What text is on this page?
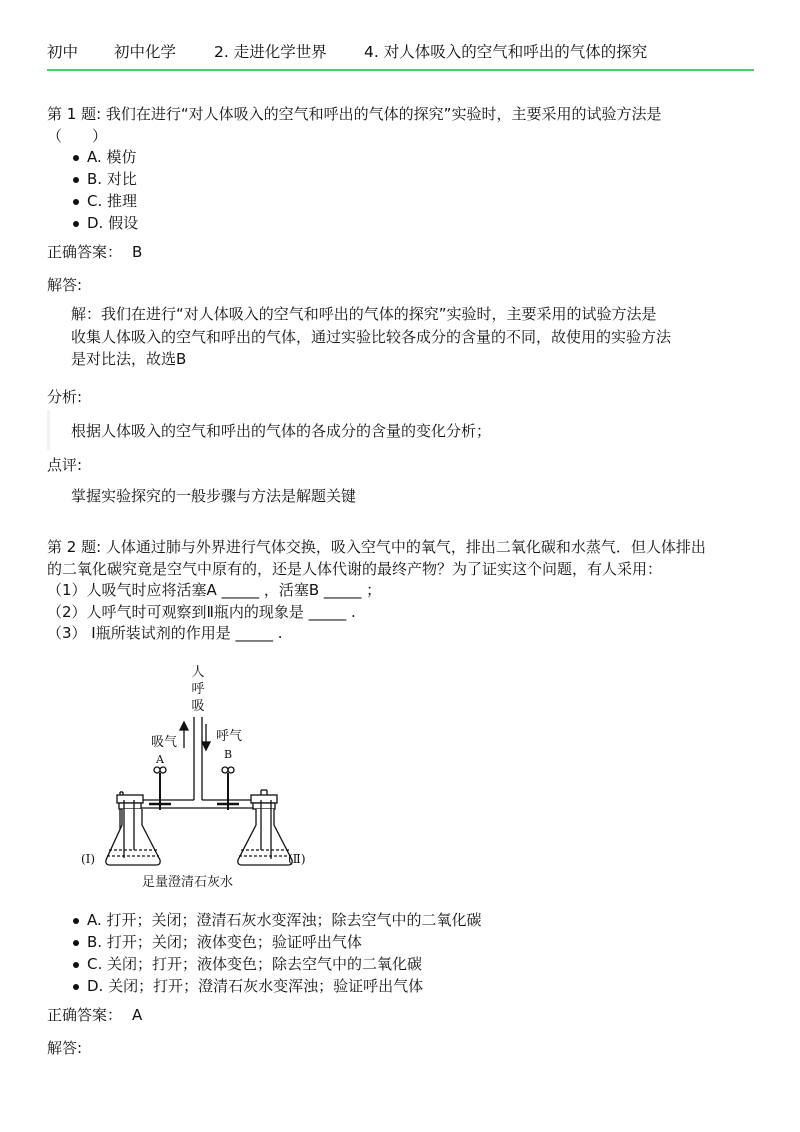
初中 初中化学 2. 走进化学世界 4. 对人体吸入的空气和呼出的气体的探究
第 1 题: 我们在进行“对人体吸入的空气和呼出的气体的探究”实验时，主要采用的试验方法是
（　　）
A. 模仿
B. 对比
C. 推理
D. 假设
正确答案： B
解答:
解：我们在进行“对人体吸入的空气和呼出的气体的探究”实验时，主要采用的试验方法是
收集人体吸入的空气和呼出的气体，通过实验比较各成分的含量的不同，故使用的实验方法
是对比法，故选B
分析:
根据人体吸入的空气和呼出的气体的各成分的含量的变化分析；
点评:
掌握实验探究的一般步骤与方法是解题关键
第 2 题: 人体通过肺与外界进行气体交换，吸入空气中的氧气，排出二氧化碳和水蒸气．但人体排出
的二氧化碳究竟是空气中原有的，还是人体代谢的最终产物？为了证实这个问题，有人采用：
（1）人吸气时应将活塞A _____ ，活塞B _____ ；
（2）人呼气时可观察到Ⅱ瓶内的现象是 _____ .
（3） Ⅰ瓶所装试剂的作用是 _____ .
人
呼
吸
吸气	呼气
A	B
(Ⅰ)	(Ⅱ)
足量澄清石灰水
A. 打开；关闭；澄清石灰水变浑浊；除去空气中的二氧化碳
B. 打开；关闭；液体变色；验证呼出气体
C. 关闭；打开；液体变色；除去空气中的二氧化碳
D. 关闭；打开；澄清石灰水变浑浊；验证呼出气体
正确答案： A
解答:
